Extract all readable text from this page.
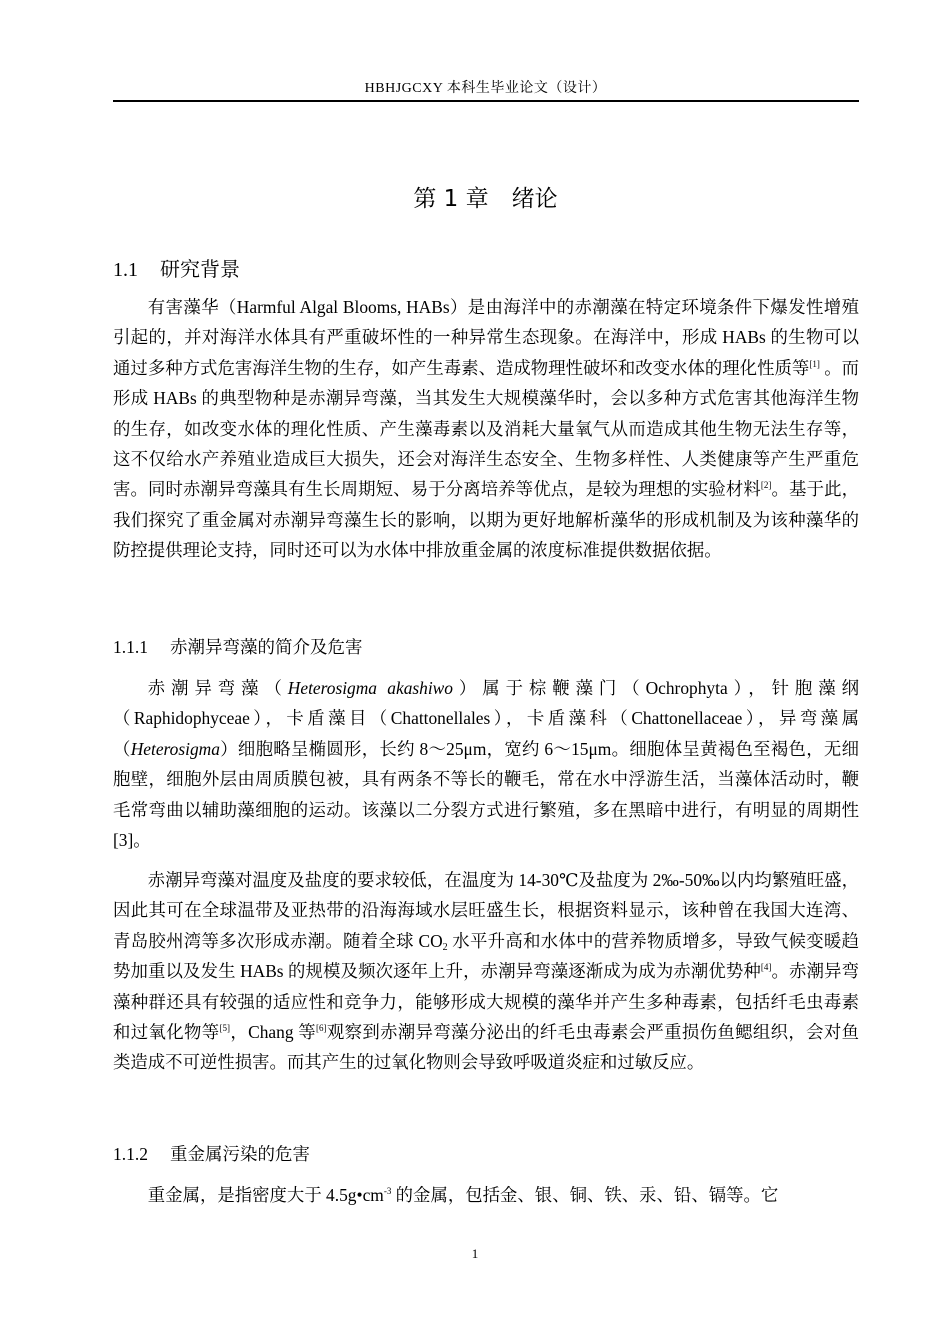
HBHJGCXY 本科生毕业论文（设计）
第 1 章　绪论
1.1 研究背景
有害藻华（Harmful Algal Blooms, HABs）是由海洋中的赤潮藻在特定环境条件下爆发性增殖引起的，并对海洋水体具有严重破坏性的一种异常生态现象。在海洋中，形成 HABs 的生物可以通过多种方式危害海洋生物的生存，如产生毒素、造成物理性破坏和改变水体的理化性质等[1] 。而形成 HABs 的典型物种是赤潮异弯藻，当其发生大规模藻华时，会以多种方式危害其他海洋生物的生存，如改变水体的理化性质、产生藻毒素以及消耗大量氧气从而造成其他生物无法生存等，这不仅给水产养殖业造成巨大损失，还会对海洋生态安全、生物多样性、人类健康等产生严重危害。同时赤潮异弯藻具有生长周期短、易于分离培养等优点，是较为理想的实验材料[2]。基于此，我们探究了重金属对赤潮异弯藻生长的影响，以期为更好地解析藻华的形成机制及为该种藻华的防控提供理论支持，同时还可以为水体中排放重金属的浓度标准提供数据依据。
1.1.1 赤潮异弯藻的简介及危害
赤潮异弯藻（Heterosigma akashiwo）属于棕鞭藻门（Ochrophyta），针胞藻纲（Raphidophyceae），卡盾藻目（Chattonellales），卡盾藻科（Chattonellaceae），异弯藻属（Heterosigma）细胞略呈椭圆形，长约 8～25μm，宽约 6～15μm。细胞体呈黄褐色至褐色，无细胞壁，细胞外层由周质膜包被，具有两条不等长的鞭毛，常在水中浮游生活，当藻体活动时，鞭毛常弯曲以辅助藻细胞的运动。该藻以二分裂方式进行繁殖，多在黑暗中进行，有明显的周期性[3]。
赤潮异弯藻对温度及盐度的要求较低，在温度为 14-30℃及盐度为 2‰-50‰以内均繁殖旺盛，因此其可在全球温带及亚热带的沿海海域水层旺盛生长，根据资料显示，该种曾在我国大连湾、青岛胶州湾等多次形成赤潮。随着全球 $CO_2$ 水平升高和水体中的营养物质增多，导致气候变暖趋势加重以及发生 HABs 的规模及频次逐年上升，赤潮异弯藻逐渐成为成为赤潮优势种[4]。赤潮异弯藻种群还具有较强的适应性和竞争力，能够形成大规模的藻华并产生多种毒素，包括纤毛虫毒素和过氧化物等[5]，Chang 等[6]观察到赤潮异弯藻分泌出的纤毛虫毒素会严重损伤鱼鳃组织，会对鱼类造成不可逆性损害。而其产生的过氧化物则会导致呼吸道炎症和过敏反应。
1.1.2 重金属污染的危害
重金属，是指密度大于 $4.5g•cm^{-3}$ 的金属，包括金、银、铜、铁、汞、铅、镉等。它
1
